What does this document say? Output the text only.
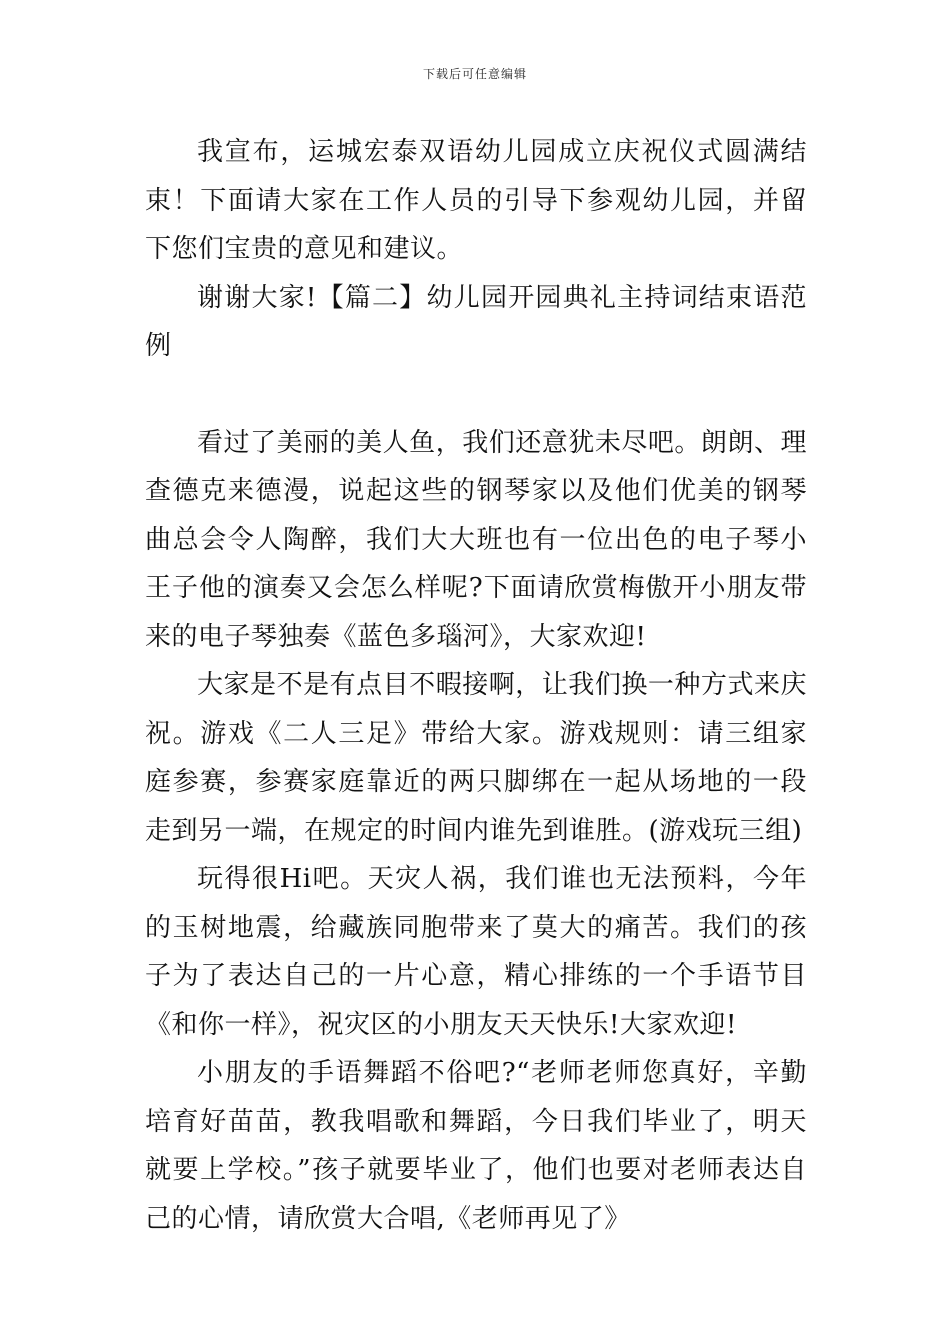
下载后可任意编辑

我宣布，运城宏泰双语幼儿园成立庆祝仪式圆满结束！下面请大家在工作人员的引导下参观幼儿园，并留下您们宝贵的意见和建议。

谢谢大家!【篇二】幼儿园开园典礼主持词结束语范例

看过了美丽的美人鱼，我们还意犹未尽吧。朗朗、理查德克来德漫，说起这些的钢琴家以及他们优美的钢琴曲总会令人陶醉，我们大大班也有一位出色的电子琴小王子他的演奏又会怎么样呢?下面请欣赏梅傲开小朋友带来的电子琴独奏《蓝色多瑙河》，大家欢迎!

大家是不是有点目不暇接啊，让我们换一种方式来庆祝。游戏《二人三足》带给大家。游戏规则：请三组家庭参赛，参赛家庭靠近的两只脚绑在一起从场地的一段走到另一端，在规定的时间内谁先到谁胜。(游戏玩三组)

玩得很Hi吧。天灾人祸，我们谁也无法预料，今年的玉树地震，给藏族同胞带来了莫大的痛苦。我们的孩子为了表达自己的一片心意，精心排练的一个手语节目《和你一样》，祝灾区的小朋友天天快乐!大家欢迎!

小朋友的手语舞蹈不俗吧?“老师老师您真好，辛勤培育好苗苗，教我唱歌和舞蹈，今日我们毕业了，明天就要上学校。”孩子就要毕业了，他们也要对老师表达自己的心情，请欣赏大合唱,《老师再见了》
